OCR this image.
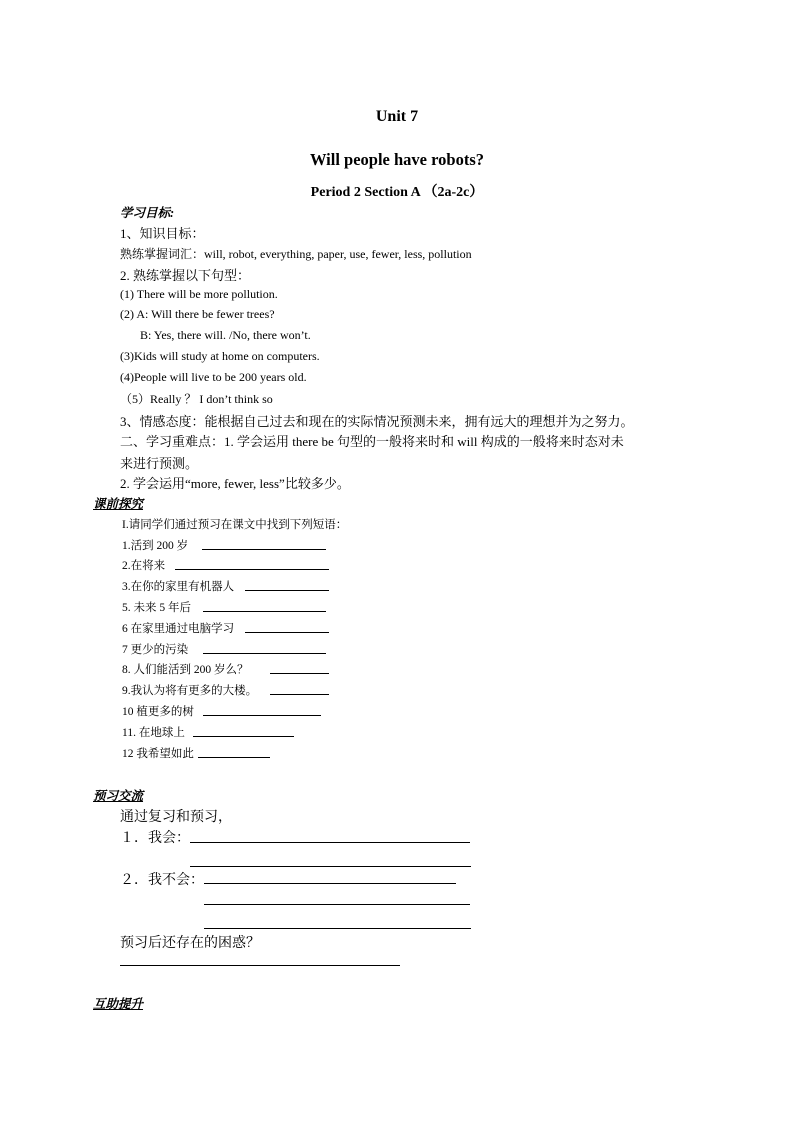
Unit 7
Will people have robots?
Period 2 Section A （2a-2c）
学习目标:
1、知识目标：
熟练掌握词汇：will, robot, everything, paper, use, fewer, less, pollution
2. 熟练掌握以下句型：
(1) There will be more pollution.
(2) A: Will there be fewer trees?
B: Yes, there will. /No, there won’t.
(3)Kids will study at home on computers.
(4)People will live to be 200 years old.
（5）Really ？ I don’t think so
3、情感态度：能根据自己过去和现在的实际情况预测未来，拥有远大的理想并为之努力。
二、学习重难点：1. 学会运用 there be 句型的一般将来时和 will 构成的一般将来时态对未
来进行预测。
2. 学会运用“more, fewer, less”比较多少。
课前探究
I.请同学们通过预习在课文中找到下列短语：
1.活到 200 岁
2.在将来
3.在你的家里有机器人
5. 未来 5 年后
6 在家里通过电脑学习
7 更少的污染
8. 人们能活到 200 岁么？
9.我认为将有更多的大楼。
10 植更多的树
11. 在地球上
12 我希望如此
预习交流
通过复习和预习，
１．我会：
２．我不会：
预习后还存在的困惑？
互助提升
